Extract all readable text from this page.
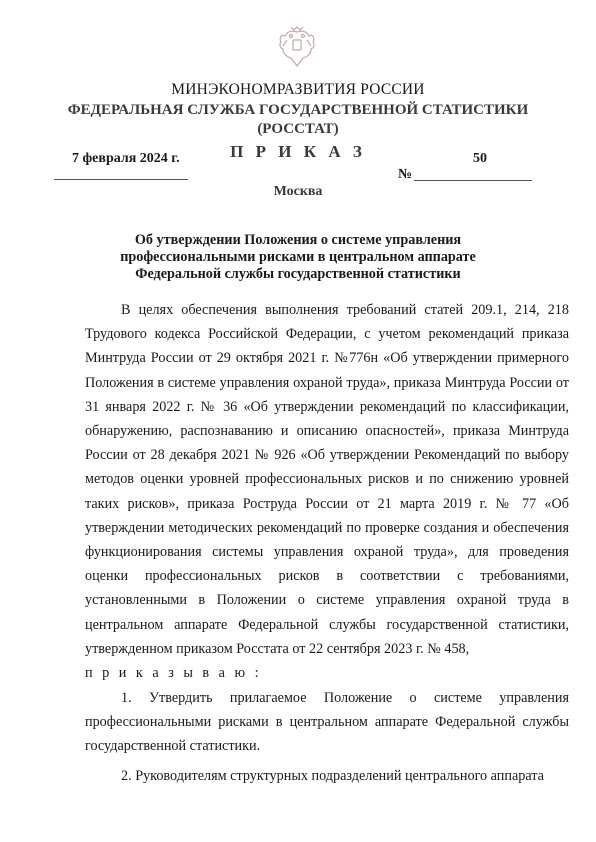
МИНЭКОНОМРАЗВИТИЯ РОССИИ
ФЕДЕРАЛЬНАЯ СЛУЖБА ГОСУДАРСТВЕННОЙ СТАТИСТИКИ
(РОССТАТ)
П Р И К А З
7 февраля 2024 г.	50
№
Москва
Об утверждении Положения о системе управления профессиональными рисками в центральном аппарате Федеральной службы государственной статистики

В целях обеспечения выполнения требований статей 209.1, 214, 218 Трудового кодекса Российской Федерации, с учетом рекомендаций приказа Минтруда России от 29 октября 2021 г. №776н «Об утверждении примерного Положения в системе управления охраной труда», приказа Минтруда России от 31 января 2022 г. № 36 «Об утверждении рекомендаций по классификации, обнаружению, распознаванию и описанию опасностей», приказа Минтруда России от 28 декабря 2021 № 926 «Об утверждении Рекомендаций по выбору методов оценки уровней профессиональных рисков и по снижению уровней таких рисков», приказа Роструда России от 21 марта 2019 г. № 77 «Об утверждении методических рекомендаций по проверке создания и обеспечения функционирования системы управления охраной труда», для проведения оценки профессиональных рисков в соответствии с требованиями, установленными в Положении о системе управления охраной труда в центральном аппарате Федеральной службы государственной статистики, утвержденном приказом Росстата от 22 сентября 2023 г. № 458,

п р и к а з ы в а ю :

1. Утвердить прилагаемое Положение о системе управления профессиональными рисками в центральном аппарате Федеральной службы государственной статистики.

2. Руководителям структурных подразделений центрального аппарата
